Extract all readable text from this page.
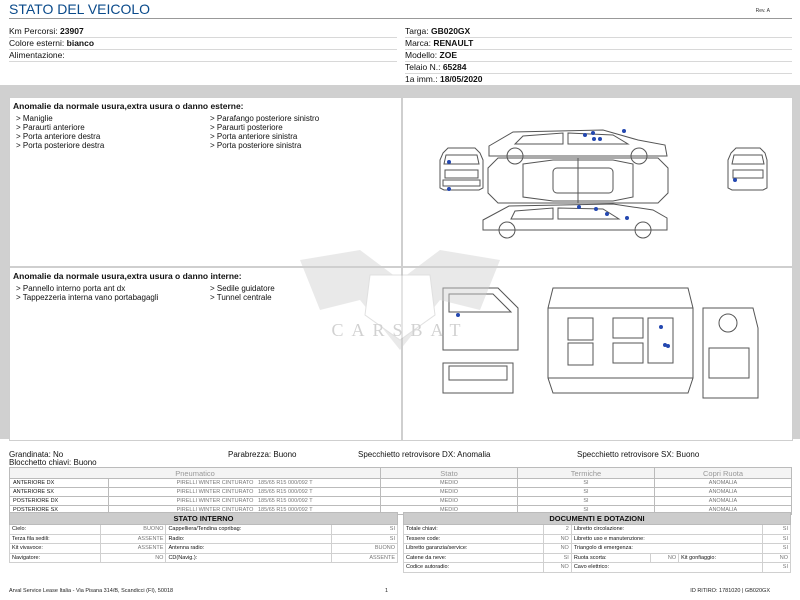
STATO DEL VEICOLO	Rev. A
Km Percorsi: 23907
Colore esterni: bianco
Alimentazione:
Targa: GB020GX
Marca: RENAULT
Modello: ZOE
Telaio N.: 65284
1a imm.: 18/05/2020
Anomalie da normale usura,extra usura o danno esterne:
> Maniglie
> Paraurti anteriore
> Porta anteriore destra
> Porta posteriore destra
> Parafango posteriore sinistro
> Paraurti posteriore
> Porta anteriore sinistra
> Porta posteriore sinistra
Anomalie da normale usura,extra usura o danno interne:
> Pannello interno porta ant dx
> Tappezzeria interna vano portabagagli
> Sedile guidatore
> Tunnel centrale
CARSBAT
Grandinata: No	Parabrezza: Buono	Specchietto retrovisore DX: Anomalia	Specchietto retrovisore SX: Buono
Blocchetto chiavi: Buono
Pneumatico		Stato	Termiche	Copri Ruota
ANTERIORE DX	PIRELLI WINTER CINTURATO 185/65 R15 000/092 T	MEDIO	SI	ANOMALIA
ANTERIORE SX	PIRELLI WINTER CINTURATO 185/65 R15 000/092 T	MEDIO	SI	ANOMALIA
POSTERIORE DX	PIRELLI WINTER CINTURATO 185/65 R15 000/092 T	MEDIO	SI	ANOMALIA
POSTERIORE SX	PIRELLI WINTER CINTURATO 185/65 R15 000/092 T	MEDIO	SI	ANOMALIA
STATO INTERNO			
Cielo:	BUONO	Cappelliera/Tendina copribag:	SI
Terza fila sedili:	ASSENTE	Radio:	SI
Kit vivavoce:	ASSENTE	Antenna radio:	BUONO
Navigatore:	NO	CD(Navig.):	ASSENTE
DOCUMENTI E DOTAZIONI					
Totale chiavi:	2	Libretto circolazione:			SI
Tessere code:	NO	Libretto uso e manutenzione:			SI
Libretto garanzia/service:	NO	Triangolo di emergenza:			SI
Catene da neve:	SI	Ruota scorta:	NO	Kit gonfiaggio:	NO
Codice autoradio:	NO	Cavo elettrico:			SI
Arval Service Lease Italia - Via Pisana 314/B, Scandicci (FI), 50018	1	ID RITIRO: 1781020 | GB020GX
